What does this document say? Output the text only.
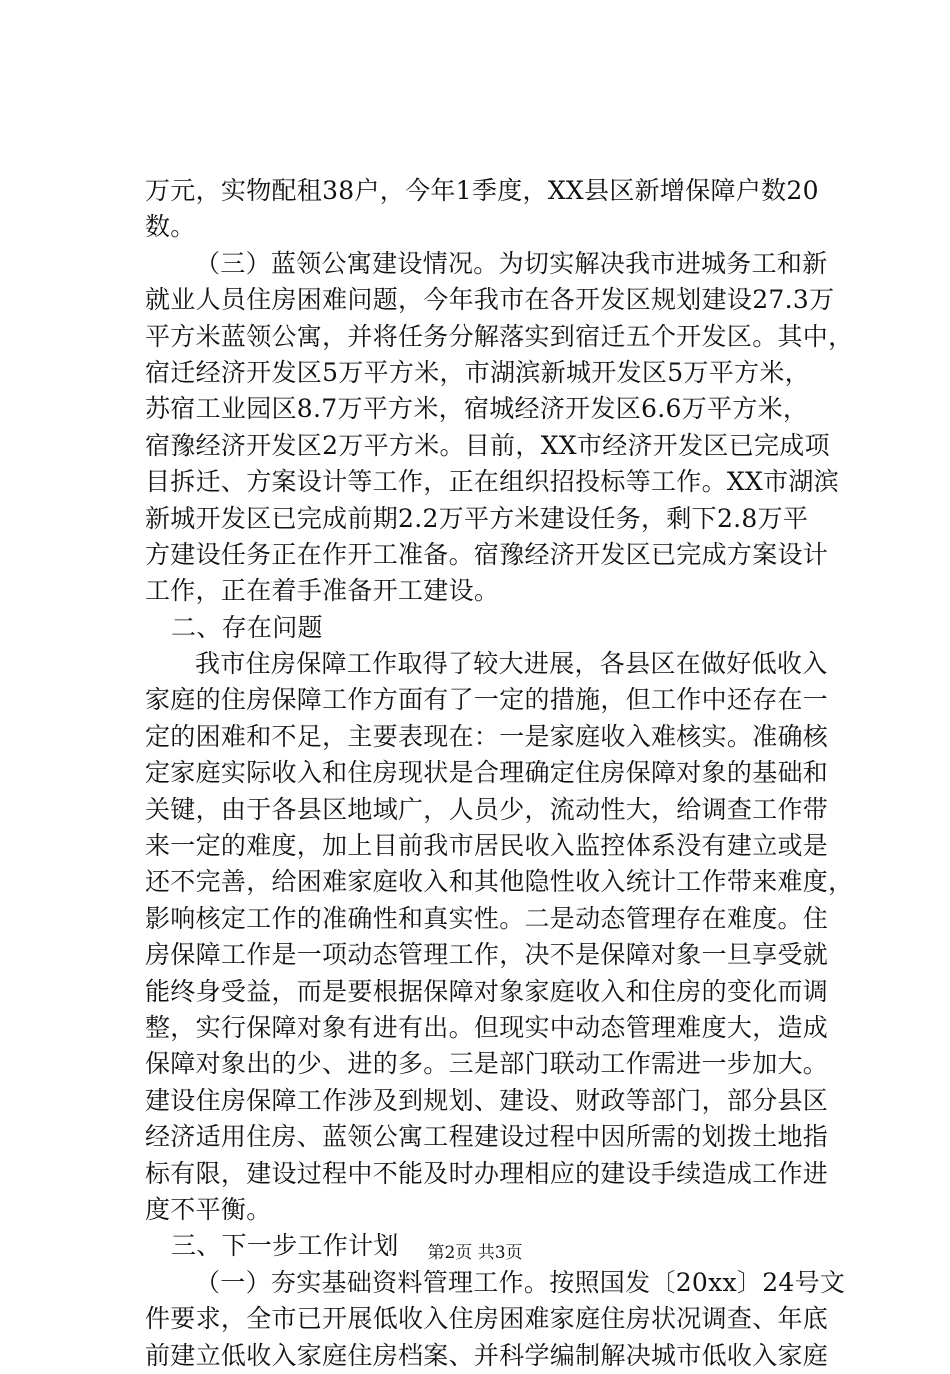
万元，实物配租38户，今年1季度，XX县区新增保障户数20
数。
（三）蓝领公寓建设情况。为切实解决我市进城务工和新
就业人员住房困难问题，今年我市在各开发区规划建设27.3万
平方米蓝领公寓，并将任务分解落实到宿迁五个开发区。其中，
宿迁经济开发区5万平方米，市湖滨新城开发区5万平方米，
苏宿工业园区8.7万平方米，宿城经济开发区6.6万平方米，
宿豫经济开发区2万平方米。目前，XX市经济开发区已完成项
目拆迁、方案设计等工作，正在组织招投标等工作。XX市湖滨
新城开发区已完成前期2.2万平方米建设任务，剩下2.8万平
方建设任务正在作开工准备。宿豫经济开发区已完成方案设计
工作，正在着手准备开工建设。
二、存在问题
我市住房保障工作取得了较大进展，各县区在做好低收入
家庭的住房保障工作方面有了一定的措施，但工作中还存在一
定的困难和不足，主要表现在：一是家庭收入难核实。准确核
定家庭实际收入和住房现状是合理确定住房保障对象的基础和
关键，由于各县区地域广，人员少，流动性大，给调查工作带
来一定的难度，加上目前我市居民收入监控体系没有建立或是
还不完善，给困难家庭收入和其他隐性收入统计工作带来难度，
影响核定工作的准确性和真实性。二是动态管理存在难度。住
房保障工作是一项动态管理工作，决不是保障对象一旦享受就
能终身受益，而是要根据保障对象家庭收入和住房的变化而调
整，实行保障对象有进有出。但现实中动态管理难度大，造成
保障对象出的少、进的多。三是部门联动工作需进一步加大。
建设住房保障工作涉及到规划、建设、财政等部门，部分县区
经济适用住房、蓝领公寓工程建设过程中因所需的划拨土地指
标有限，建设过程中不能及时办理相应的建设手续造成工作进
度不平衡。
三、下一步工作计划
（一）夯实基础资料管理工作。按照国发〔20xx〕24号文
件要求，全市已开展低收入住房困难家庭住房状况调查、年底
前建立低收入家庭住房档案、并科学编制解决城市低收入家庭
第2页 共3页
